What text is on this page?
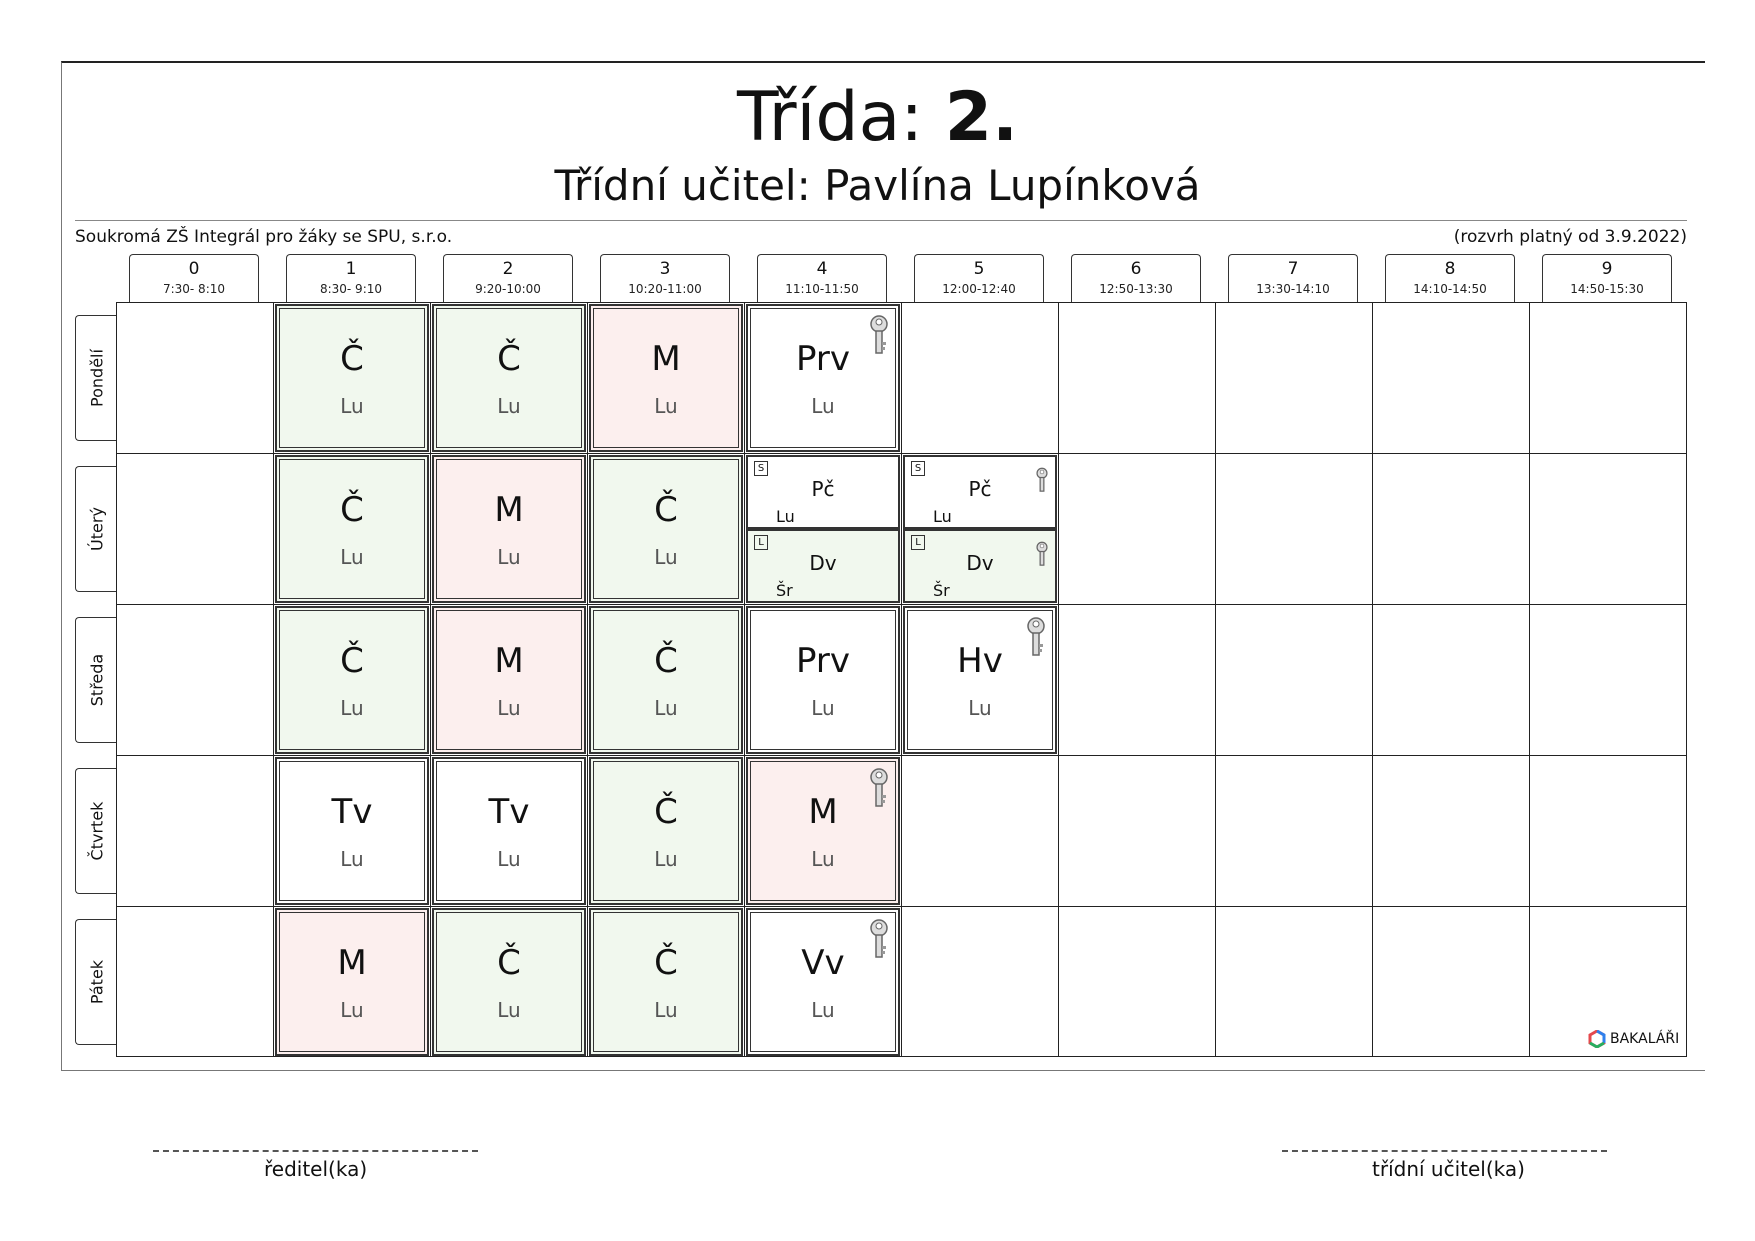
Třída: 2.
Třídní učitel: Pavlína Lupínková
Soukromá ZŠ Integrál pro žáky se SPU, s.r.o.	(rozvrh platný od 3.9.2022)
0
7:30- 8:10
1
8:30- 9:10
2
9:20-10:00
3
10:20-11:00
4
11:10-11:50
5
12:00-12:40
6
12:50-13:30
7
13:30-14:10
8
14:10-14:50
9
14:50-15:30
Pondělí
Úterý
Středa
Čtvrtek
Pátek
Č
Lu
Č
Lu
M
Lu
Prv
Lu
Č
Lu
M
Lu
Č
Lu
S
Pč
Lu
L
Dv
Šr
S
Pč
Lu
L
Dv
Šr
Č
Lu
M
Lu
Č
Lu
Prv
Lu
Hv
Lu
Tv
Lu
Tv
Lu
Č
Lu
M
Lu
M
Lu
Č
Lu
Č
Lu
Vv
Lu
BAKALÁŘI
ředitel(ka)	třídní učitel(ka)
